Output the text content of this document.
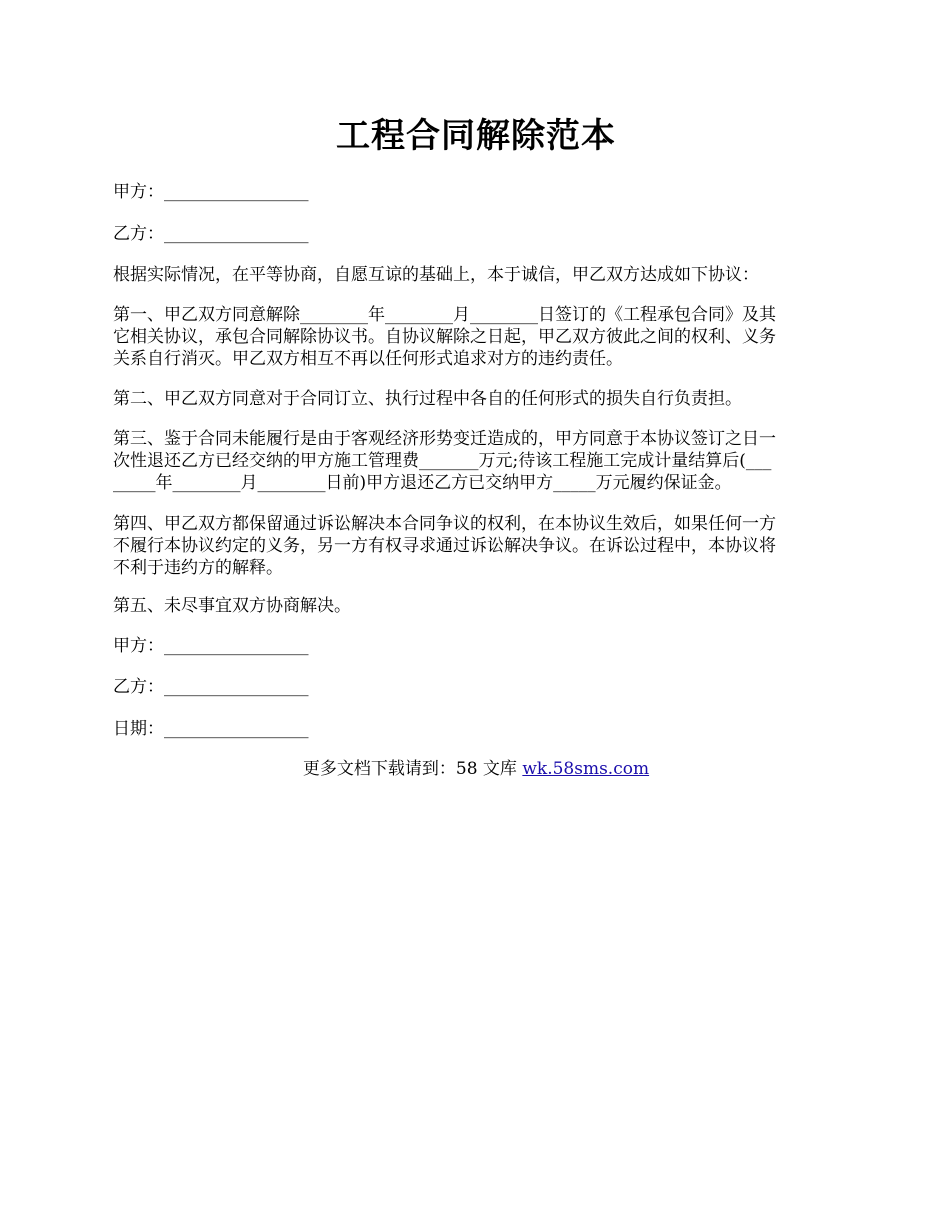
工程合同解除范本

甲方：_________________

乙方：_________________

根据实际情况，在平等协商，自愿互谅的基础上，本于诚信，甲乙双方达成如下协议：

第一、甲乙双方同意解除________年________月________日签订的《工程承包合同》及其
它相关协议，承包合同解除协议书。自协议解除之日起，甲乙双方彼此之间的权利、义务
关系自行消灭。甲乙双方相互不再以任何形式追求对方的违约责任。

第二、甲乙双方同意对于合同订立、执行过程中各自的任何形式的损失自行负责担。

第三、鉴于合同未能履行是由于客观经济形势变迁造成的，甲方同意于本协议签订之日一
次性退还乙方已经交纳的甲方施工管理费_______万元;待该工程施工完成计量结算后(___
_____年________月________日前)甲方退还乙方已交纳甲方_____万元履约保证金。
第四、甲乙双方都保留通过诉讼解决本合同争议的权利，在本协议生效后，如果任何一方
不履行本协议约定的义务，另一方有权寻求通过诉讼解决争议。在诉讼过程中，本协议将
不利于违约方的解释。

第五、未尽事宜双方协商解决。

甲方：_________________

乙方：_________________

日期：_________________

更多文档下载请到：58 文库 wk.58sms.com
